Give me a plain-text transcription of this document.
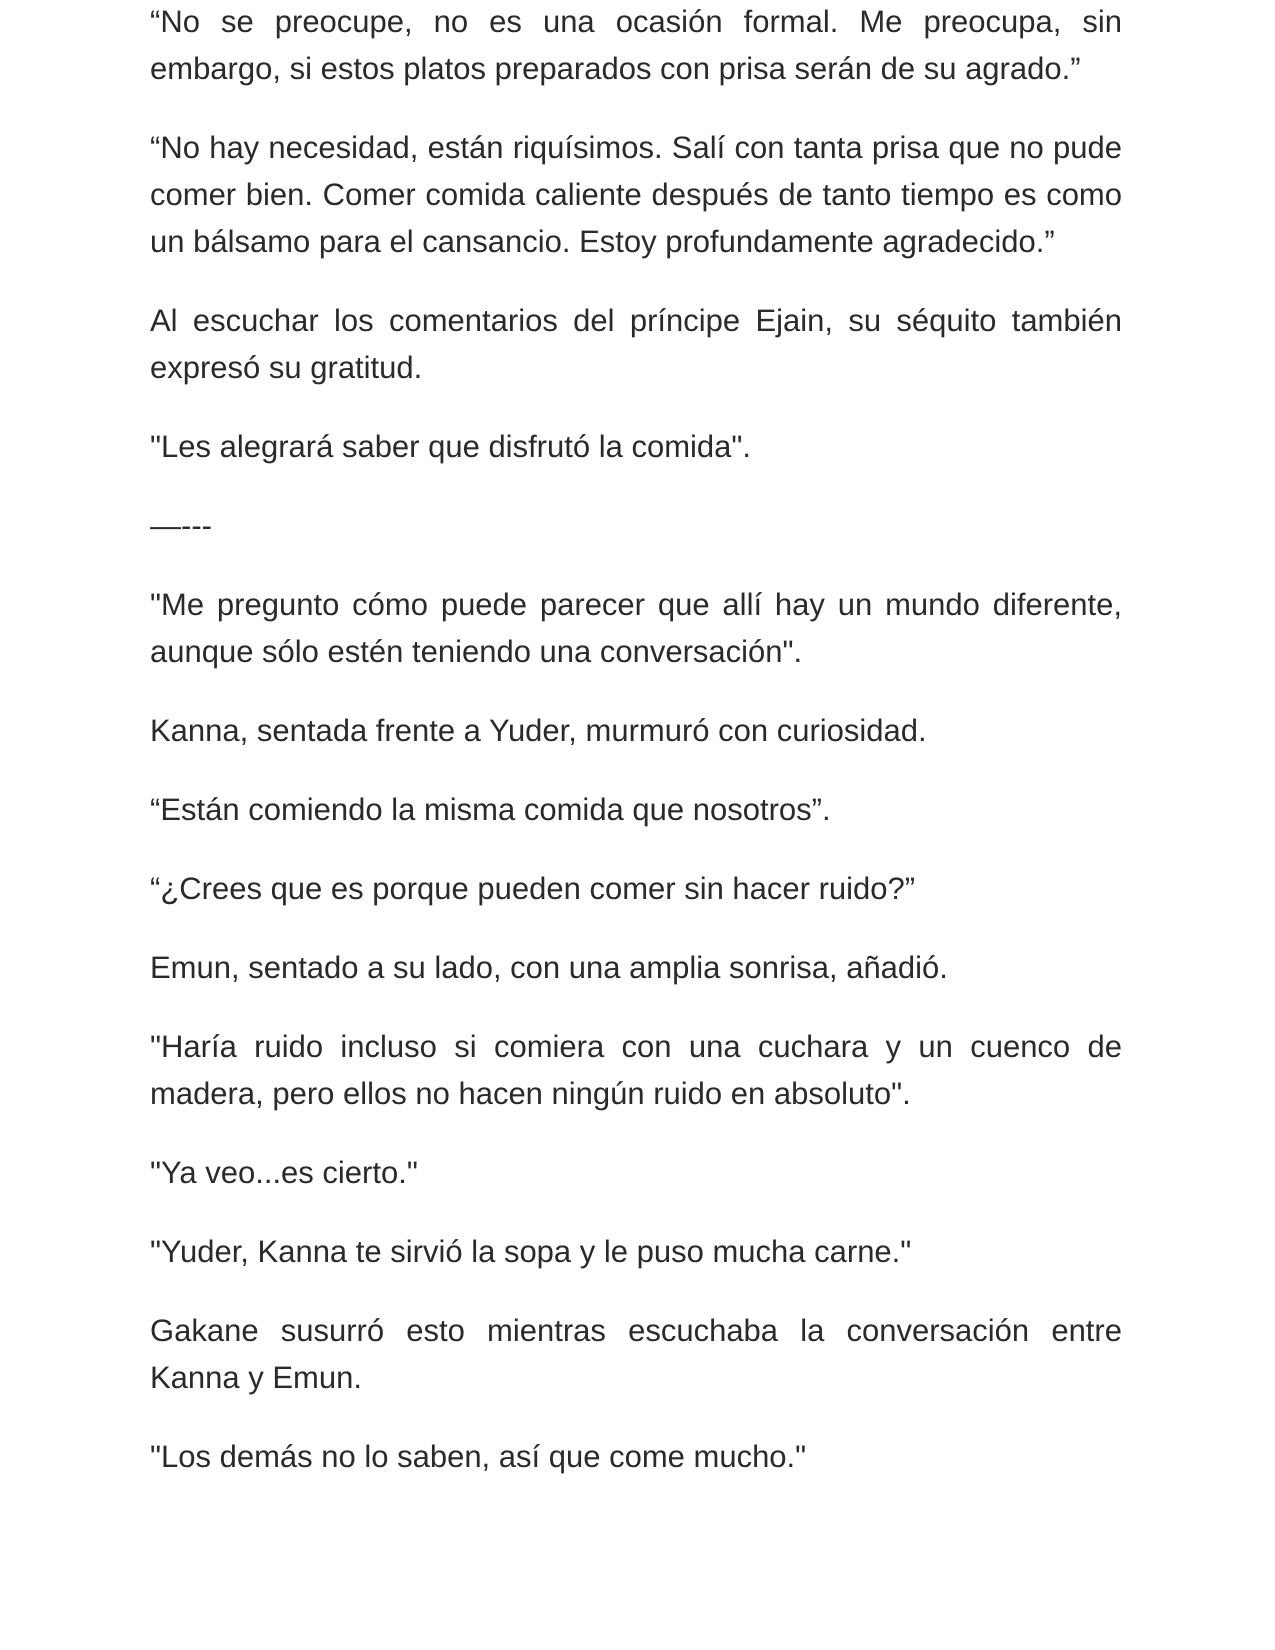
“No se preocupe, no es una ocasión formal. Me preocupa, sin embargo, si estos platos preparados con prisa serán de su agrado.”

“No hay necesidad, están riquísimos. Salí con tanta prisa que no pude comer bien. Comer comida caliente después de tanto tiempo es como un bálsamo para el cansancio. Estoy profundamente agradecido.”

Al escuchar los comentarios del príncipe Ejain, su séquito también expresó su gratitud.

"Les alegrará saber que disfrutó la comida".

—---

"Me pregunto cómo puede parecer que allí hay un mundo diferente, aunque sólo estén teniendo una conversación".

Kanna, sentada frente a Yuder, murmuró con curiosidad.

“Están comiendo la misma comida que nosotros”.

“¿Crees que es porque pueden comer sin hacer ruido?”

Emun, sentado a su lado, con una amplia sonrisa, añadió.

"Haría ruido incluso si comiera con una cuchara y un cuenco de madera, pero ellos no hacen ningún ruido en absoluto".

"Ya veo...es cierto."

"Yuder, Kanna te sirvió la sopa y le puso mucha carne."

Gakane susurró esto mientras escuchaba la conversación entre Kanna y Emun.

"Los demás no lo saben, así que come mucho."
